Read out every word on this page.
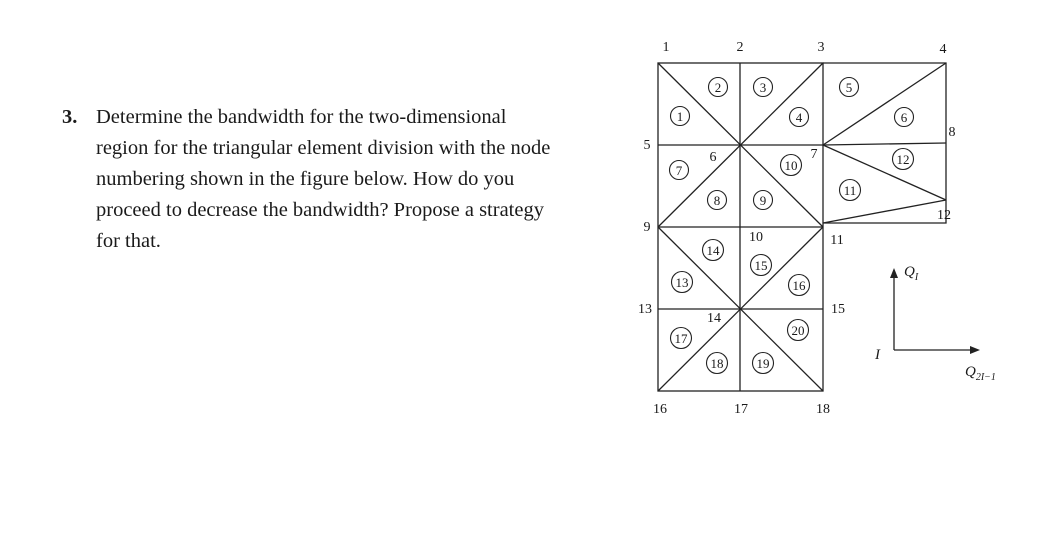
3. Determine the bandwidth for the two-dimensional
region for the triangular element division with the node
numbering shown in the figure below. How do you
proceed to decrease the bandwidth? Propose a strategy
for that.
1	2	3	4
5
6	7
8
9
10	11
12
13
14
15
16	17	18
1
2	3
4
5
6
7
8	9
10
11
12
13
14
15
16
17
18	19
20
$Q_I$
I
$Q_{2I-1}$
